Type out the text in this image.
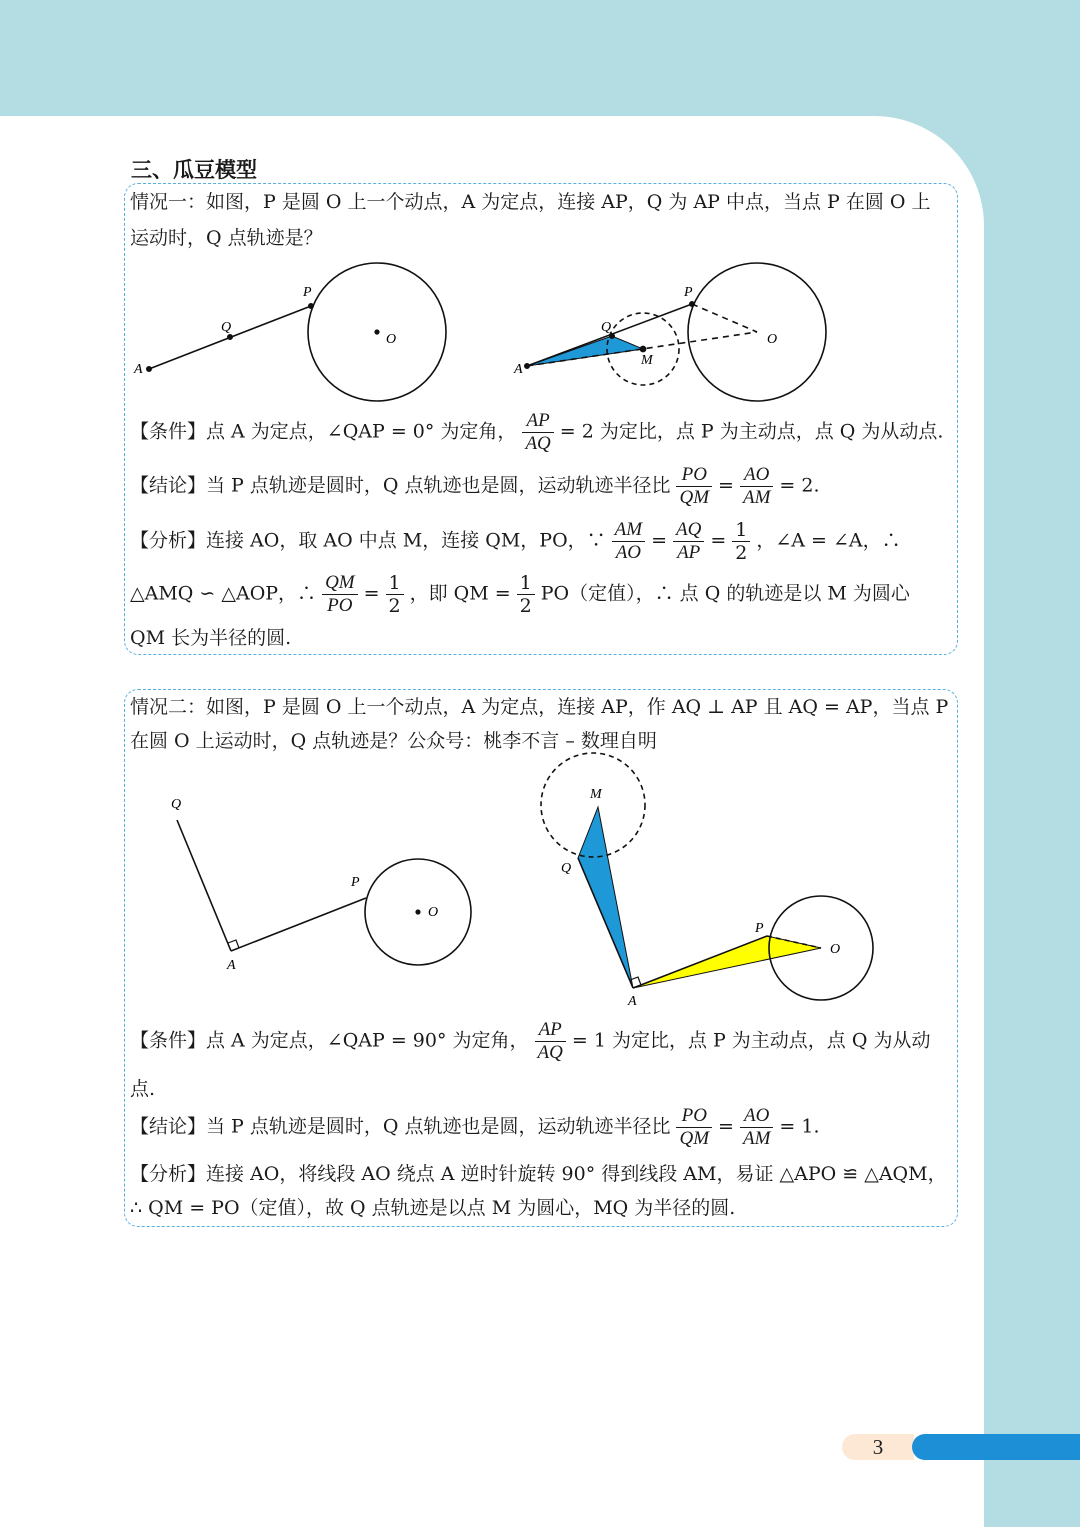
三、瓜豆模型
情况一：如图，P 是圆 O 上一个动点，A 为定点，连接 AP，Q 为 AP 中点，当点 P 在圆 O 上
运动时，Q 点轨迹是？
【条件】点 A 为定点，∠QAP = 0° 为定角， $\frac{AP}{AQ} = 2$ 为定比，点 P 为主动点，点 Q 为从动点.
【结论】当 P 点轨迹是圆时，Q 点轨迹也是圆，运动轨迹半径比 $\frac{PO}{QM} = \frac{AO}{AM} = 2$.
【分析】连接 AO，取 AO 中点 M，连接 QM，PO，∵ $\frac{AM}{AO} = \frac{AQ}{AP} = \frac{1}{2}$ ，∠A = ∠A，∴
△AMQ ∽ △AOP，∴ $\frac{QM}{PO} = \frac{1}{2}$ ，即 QM = $\frac{1}{2} PO$（定值），∴ 点 Q 的轨迹是以 M 为圆心
QM 长为半径的圆.
情况二：如图，P 是圆 O 上一个动点，A 为定点，连接 AP，作 AQ ⊥ AP 且 AQ = AP，当点 P
在圆 O 上运动时，Q 点轨迹是？公众号：桃李不言 – 数理自明
【条件】点 A 为定点，∠QAP = 90° 为定角， $\frac{AP}{AQ} = 1$ 为定比，点 P 为主动点，点 Q 为从动
点.
【结论】当 P 点轨迹是圆时，Q 点轨迹也是圆，运动轨迹半径比 $\frac{PO}{QM} = \frac{AO}{AM} = 1$.
【分析】连接 AO，将线段 AO 绕点 A 逆时针旋转 90° 得到线段 AM，易证 △APO ≌ △AQM，
∴ QM = PO（定值），故 Q 点轨迹是以点 M 为圆心，MQ 为半径的圆.
A
Q
P
O
A
Q
M
P
O
Q
A
P
O
M
Q
A
P
O
3
